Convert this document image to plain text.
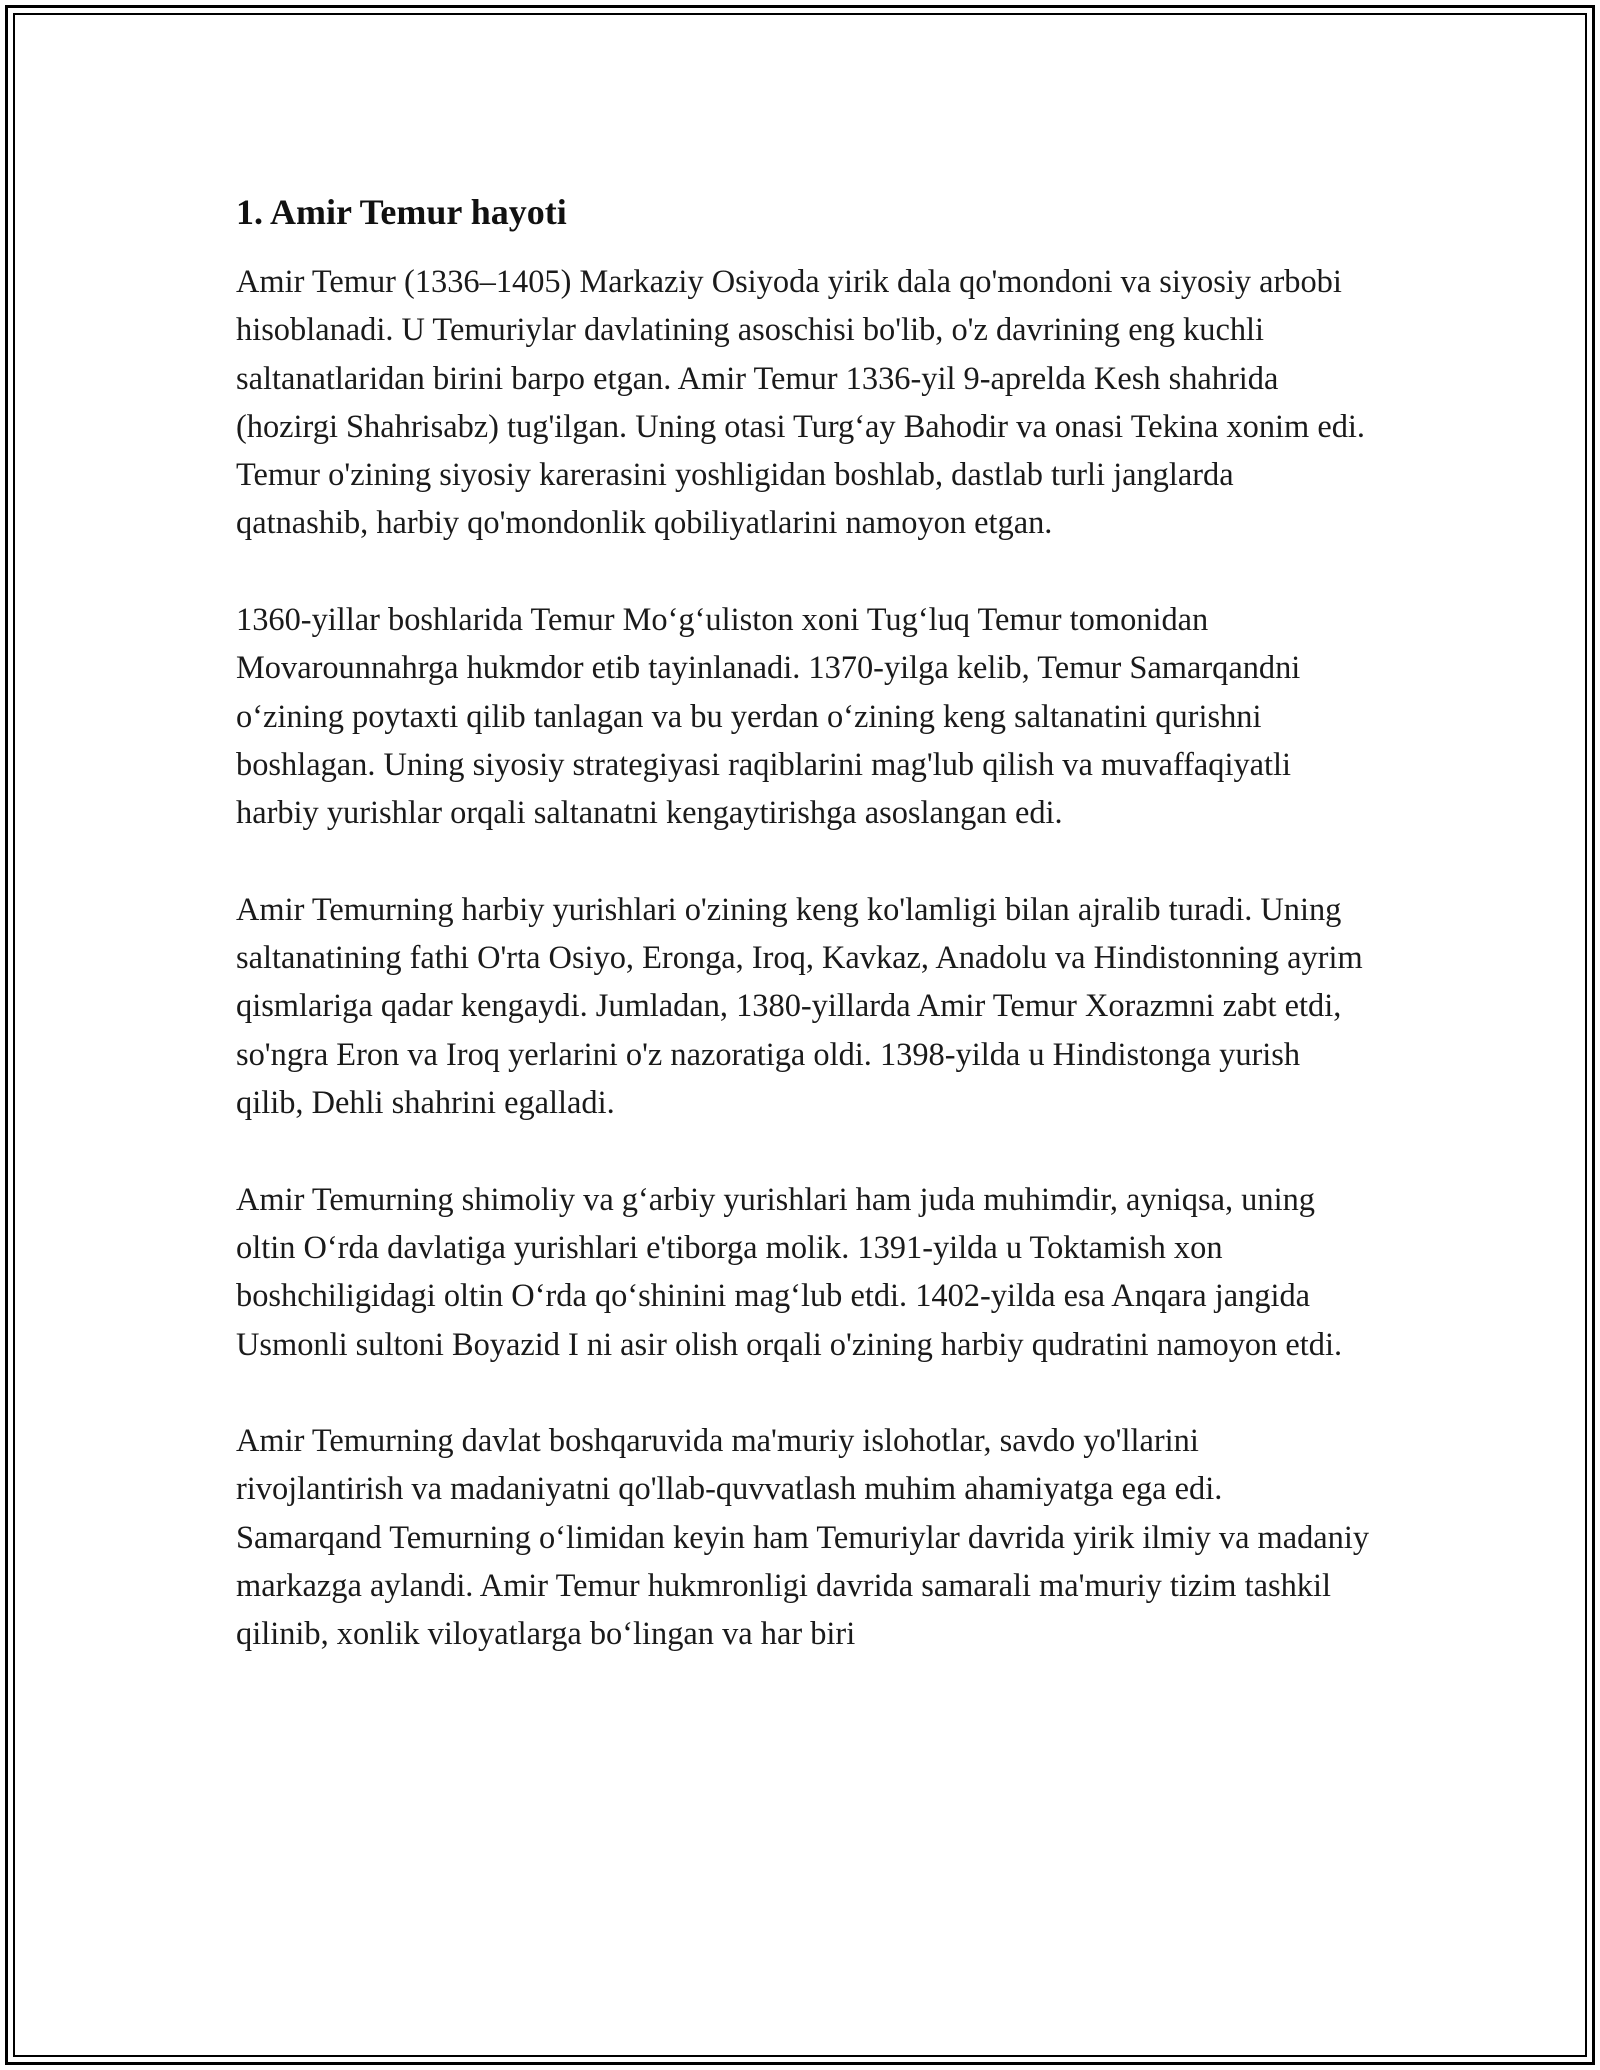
1. Amir Temur hayoti

Amir Temur (1336–1405) Markaziy Osiyoda yirik dala qo'mondoni va siyosiy arbobi hisoblanadi. U Temuriylar davlatining asoschisi bo'lib, o'z davrining eng kuchli saltanatlaridan birini barpo etgan. Amir Temur 1336-yil 9-aprelda Kesh shahrida (hozirgi Shahrisabz) tug'ilgan. Uning otasi Turg‘ay Bahodir va onasi Tekina xonim edi. Temur o'zining siyosiy karerasini yoshligidan boshlab, dastlab turli janglarda qatnashib, harbiy qo'mondonlik qobiliyatlarini namoyon etgan.

1360-yillar boshlarida Temur Mo‘g‘uliston xoni Tug‘luq Temur tomonidan Movarounnahrga hukmdor etib tayinlanadi. 1370-yilga kelib, Temur Samarqandni o‘zining poytaxti qilib tanlagan va bu yerdan o‘zining keng saltanatini qurishni boshlagan. Uning siyosiy strategiyasi raqiblarini mag'lub qilish va muvaffaqiyatli harbiy yurishlar orqali saltanatni kengaytirishga asoslangan edi.

Amir Temurning harbiy yurishlari o'zining keng ko'lamligi bilan ajralib turadi. Uning saltanatining fathi O'rta Osiyo, Eronga, Iroq, Kavkaz, Anadolu va Hindistonning ayrim qismlariga qadar kengaydi. Jumladan, 1380-yillarda Amir Temur Xorazmni zabt etdi, so'ngra Eron va Iroq yerlarini o'z nazoratiga oldi. 1398-yilda u Hindistonga yurish qilib, Dehli shahrini egalladi.

Amir Temurning shimoliy va g‘arbiy yurishlari ham juda muhimdir, ayniqsa, uning oltin O‘rda davlatiga yurishlari e'tiborga molik. 1391-yilda u Toktamish xon boshchiligidagi oltin O‘rda qo‘shinini mag‘lub etdi. 1402-yilda esa Anqara jangida Usmonli sultoni Boyazid I ni asir olish orqali o'zining harbiy qudratini namoyon etdi.

Amir Temurning davlat boshqaruvida ma'muriy islohotlar, savdo yo'llarini rivojlantirish va madaniyatni qo'llab-quvvatlash muhim ahamiyatga ega edi. Samarqand Temurning o‘limidan keyin ham Temuriylar davrida yirik ilmiy va madaniy markazga aylandi. Amir Temur hukmronligi davrida samarali ma'muriy tizim tashkil qilinib, xonlik viloyatlarga bo‘lingan va har biri
